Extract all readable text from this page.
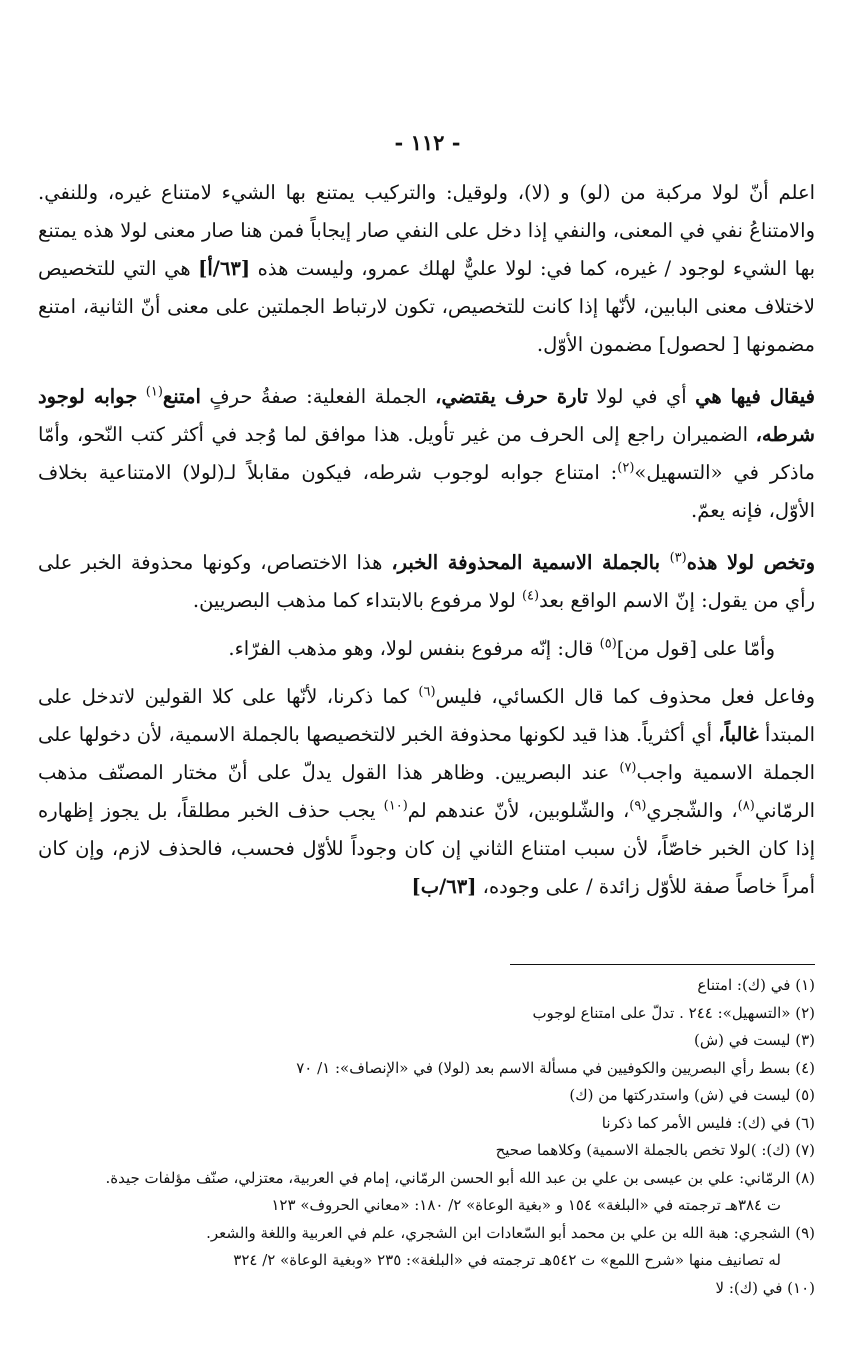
- ١١٢ -

اعلم أنّ لولا مركبة من (لو) و (لا)، ولوقيل: والتركيب يمتنع بها الشيء لامتناع غيره، وللنفي. والامتناعُ نفي في المعنى، والنفي إذا دخل على النفي صار إيجاباً فمن هنا صار معنى لولا هذه يمتنع بها الشيء لوجود / غيره، كما في: لولا عليٌّ لهلك عمرو، وليست هذه [٦٣/أ] هي التي للتخصيص لاختلاف معنى البابين، لأنّها إذا كانت للتخصيص، تكون لارتباط الجملتين على معنى أنّ الثانية، امتنع مضمونها [ لحصول] مضمون الأوّل.

فيقال فيها هي أي في لولا تارة حرف يقتضي، الجملة الفعلية: صفةُ حرفٍ امتنع$^{(١)}$ جوابه لوجود شرطه، الضميران راجع إلى الحرف من غير تأويل. هذا موافق لما وُجد في أكثر كتب النّحو، وأمّا ماذكر في «التسهيل»$^{(٢)}$: امتناع جوابه لوجوب شرطه، فيكون مقابلاً لـ(لولا) الامتناعية بخلاف الأوّل، فإنه يعمّ.

وتخص لولا هذه$^{(٣)}$ بالجملة الاسمية المحذوفة الخبر، هذا الاختصاص، وكونها محذوفة الخبر على رأي من يقول: إنّ الاسم الواقع بعد$^{(٤)}$ لولا مرفوع بالابتداء كما مذهب البصريين.

وأمّا على [قول من]$^{(٥)}$ قال: إنّه مرفوع بنفس لولا، وهو مذهب الفرّاء.

وفاعل فعل محذوف كما قال الكسائي، فليس$^{(٦)}$ كما ذكرنا، لأنّها على كلا القولين لاتدخل على المبتدأ غالباً، أي أكثرياً. هذا قيد لكونها محذوفة الخبر لالتخصيصها بالجملة الاسمية، لأن دخولها على الجملة الاسمية واجب$^{(٧)}$ عند البصريين. وظاهر هذا القول يدلّ على أنّ مختار المصنّف مذهب الرمّاني$^{(٨)}$، والشّجري$^{(٩)}$، والشّلوبين، لأنّ عندهم لم$^{(١٠)}$ يجب حذف الخبر مطلقاً، بل يجوز إظهاره إذا كان الخبر خاصّاً، لأن سبب امتناع الثاني إن كان وجوداً للأوّل فحسب، فالحذف لازم، وإن كان أمراً خاصاً صفة للأوّل زائدة / على وجوده، [٦٣/ب]

(١) في (ك): امتناع
(٢) «التسهيل»: ٢٤٤ . تدلّ على امتناع لوجوب
(٣) ليست في (ش)
(٤) بسط رأي البصريين والكوفيين في مسألة الاسم بعد (لولا) في «الإنصاف»: ١/ ٧٠
(٥) ليست في (ش) واستدركتها من (ك)
(٦) في (ك): فليس الأمر كما ذكرنا
(٧) (ك): )لولا تخص بالجملة الاسمية) وكلاهما صحيح
(٨) الرمّاني: علي بن عيسى بن علي بن عبد الله أبو الحسن الرمّاني، إمام في العربية، معتزلي، صنّف مؤلفات جيدة.
ت ٣٨٤هـ ترجمته في «البلغة» ١٥٤ و «بغية الوعاة» ٢/ ١٨٠: «معاني الحروف» ١٢٣
(٩) الشجري: هبة الله بن علي بن محمد أبو السّعادات ابن الشجري، علم في العربية واللغة والشعر.
له تصانيف منها «شرح اللمع» ت ٥٤٢هـ ترجمته في «البلغة»: ٢٣٥ «وبغية الوعاة» ٢/ ٣٢٤
(١٠) في (ك): لا
